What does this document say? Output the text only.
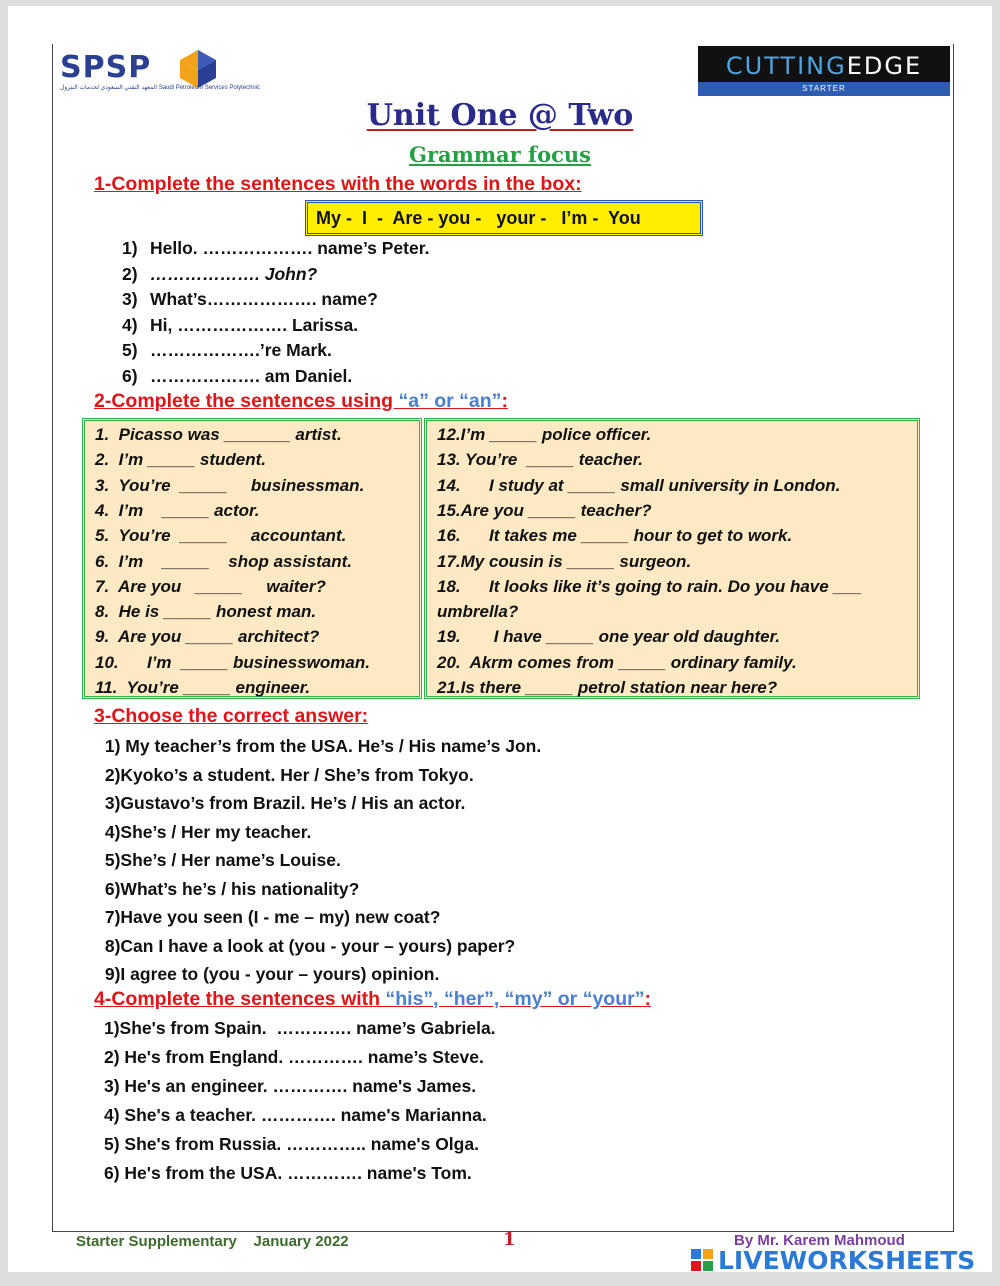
SPSP
المعهد التقني السعودي لخدمات البترول Saudi Petroleum Services Polytechnic
CUTTINGEDGE
STARTER
Unit One @ Two
Grammar focus
1-Complete the sentences with the words in the box:
My -  I  -  Are - you -   your -   I’m -  You
1) Hello. ………………. name’s Peter.
2) ………………. John?
3) What’s………………. name?
4) Hi, ………………. Larissa.
5) ……………….’re Mark.
6) ………………. am Daniel.
2-Complete the sentences using “a” or “an”:
1.  Picasso was _______ artist.
2.  I’m _____ student.
3.  You’re  _____     businessman.
4.  I’m    _____ actor.
5.  You’re  _____     accountant.
6.  I’m    _____    shop assistant.
7.  Are you   _____     waiter?
8.  He is _____ honest man.
9.  Are you _____ architect?
10.      I’m  _____ businesswoman.
11.  You’re _____ engineer.
12.I’m _____ police officer.
13. You’re  _____ teacher.
14.      I study at _____ small university in London.
15.Are you _____ teacher?
16.      It takes me _____ hour to get to work.
17.My cousin is _____ surgeon.
18.      It looks like it’s going to rain. Do you have ___
umbrella?
19.       I have _____ one year old daughter.
20.  Akrm comes from _____ ordinary family.
21.Is there _____ petrol station near here?
3-Choose the correct answer:
1) My teacher’s from the USA. He’s / His name’s Jon.
2)Kyoko’s a student. Her / She’s from Tokyo.
3)Gustavo’s from Brazil. He’s / His an actor.
4)She’s / Her my teacher.
5)She’s / Her name’s Louise.
6)What’s he’s / his nationality?
7)Have you seen (I - me – my) new coat?
8)Can I have a look at (you - your – yours) paper?
9)I agree to (you - your – yours) opinion.
4-Complete the sentences with “his”, “her”, “my” or “your”:
1)She's from Spain.  …………. name’s Gabriela.
2) He's from England. …………. name’s Steve.
3) He's an engineer. …………. name's James.
4) She's a teacher. …………. name's Marianna.
5) She's from Russia. ………….. name's Olga.
6) He's from the USA. …………. name's Tom.
Starter Supplementary    January 2022	1	By Mr. Karem Mahmoud
LIVEWORKSHEETS
